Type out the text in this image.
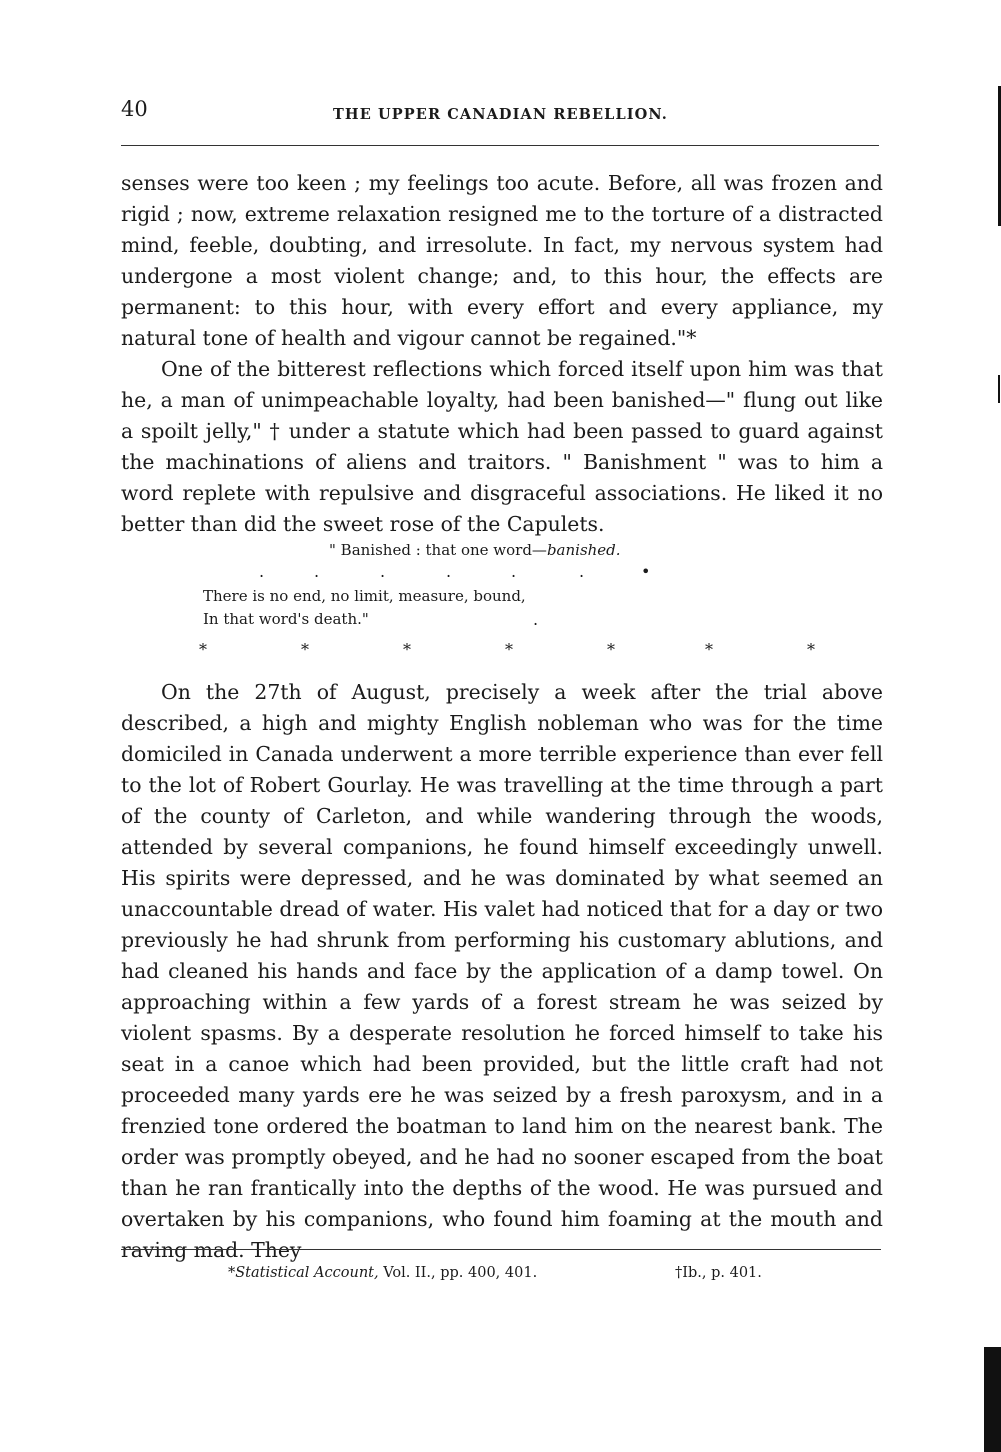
40	THE UPPER CANADIAN REBELLION.

senses were too keen ; my feelings too acute. Before, all was frozen and rigid ; now, extreme relaxation resigned me to the torture of a distracted mind, feeble, doubting, and irresolute. In fact, my nervous system had undergone a most violent change; and, to this hour, the effects are permanent: to this hour, with every effort and every appliance, my natural tone of health and vigour cannot be regained."*

One of the bitterest reflections which forced itself upon him was that he, a man of unimpeachable loyalty, had been banished—" flung out like a spoilt jelly," † under a statute which had been passed to guard against the machinations of aliens and traitors. " Banishment " was to him a word replete with repulsive and disgraceful associations. He liked it no better than did the sweet rose of the Capulets.

" Banished : that one word—banished.
.	.	.	.	.	.	•
There is no end, no limit, measure, bound,
In that word's death."	.
*	*	*	*	*	*	*

On the 27th of August, precisely a week after the trial above described, a high and mighty English nobleman who was for the time domiciled in Canada underwent a more terrible experience than ever fell to the lot of Robert Gourlay. He was travelling at the time through a part of the county of Carleton, and while wandering through the woods, attended by several companions, he found himself exceedingly unwell. His spirits were depressed, and he was dominated by what seemed an unaccountable dread of water. His valet had noticed that for a day or two previously he had shrunk from performing his customary ablutions, and had cleaned his hands and face by the application of a damp towel. On approaching within a few yards of a forest stream he was seized by violent spasms. By a desperate resolution he forced himself to take his seat in a canoe which had been provided, but the little craft had not proceeded many yards ere he was seized by a fresh paroxysm, and in a frenzied tone ordered the boatman to land him on the nearest bank. The order was promptly obeyed, and he had no sooner escaped from the boat than he ran frantically into the depths of the wood. He was pursued and overtaken by his companions, who found him foaming at the mouth and raving mad. They

*Statistical Account, Vol. II., pp. 400, 401.	†Ib., p. 401.
